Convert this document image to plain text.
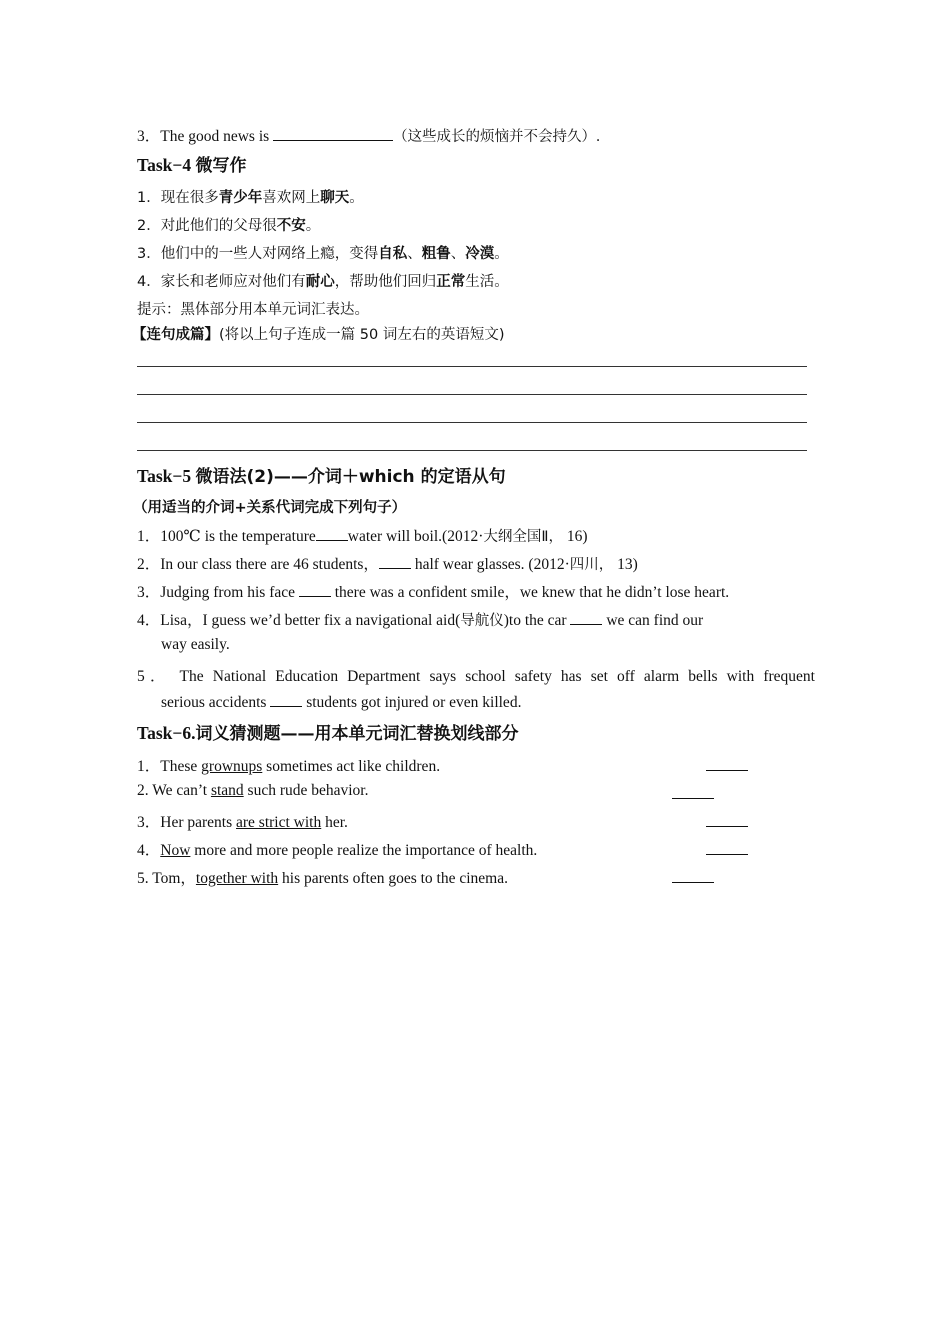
3．The good news is	（这些成长的烦恼并不会持久）.
Task−4 微写作
1．现在很多青少年喜欢网上聊天。
2．对此他们的父母很不安。
3．他们中的一些人对网络上瘾，变得自私、粗鲁、冷漠。
4．家长和老师应对他们有耐心，帮助他们回归正常生活。
提示：黑体部分用本单元词汇表达。
【连句成篇】(将以上句子连成一篇 50 词左右的英语短文)
Task−5 微语法(2)——介词＋which 的定语从句
（用适当的介词+关系代词完成下列句子）
1．100℃ is the temperature water will boil.(2012·大纲全国Ⅱ， 16)
2．In our class there are 46 students， half wear glasses. (2012·四川， 13)
3．Judging from his face  there was a confident smile，we knew that he didn’t lose heart.
4．Lisa，I guess we’d better fix a navigational aid(导航仪)to the car  we can find our
way easily.
5． The National Education Department says school safety has set off alarm bells with frequent
serious accidents  students got injured or even killed.
Task−6.词义猜测题——用本单元词汇替换划线部分
1．These grownups sometimes act like children.
2. We can’t stand such rude behavior.
3．Her parents are strict with her.
4．Now more and more people realize the importance of health.
5. Tom，together with his parents often goes to the cinema.
